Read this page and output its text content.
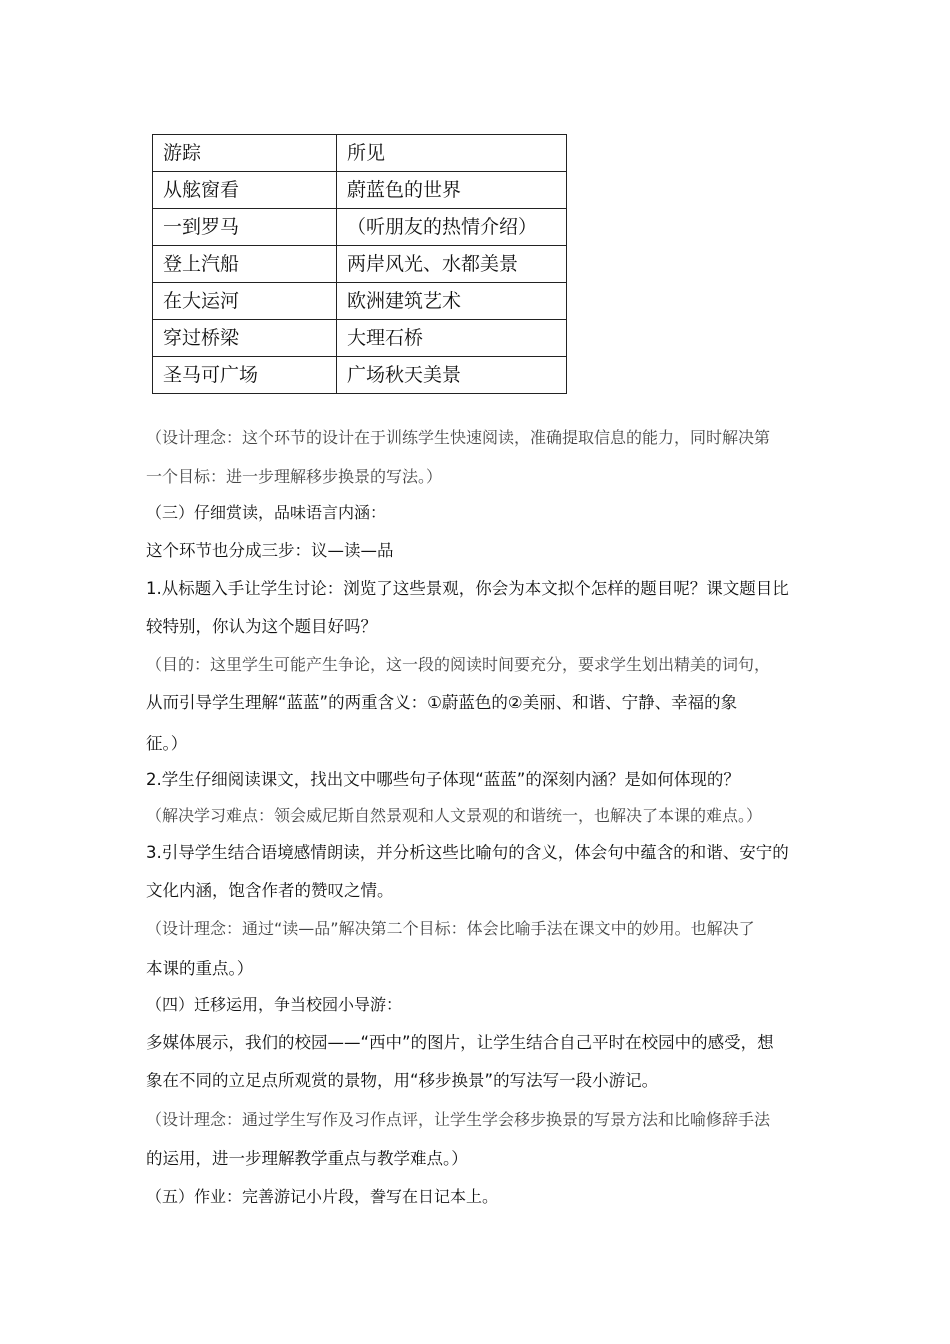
游踪	所见
从舷窗看	蔚蓝色的世界
一到罗马	（听朋友的热情介绍）
登上汽船	两岸风光、水都美景
在大运河	欧洲建筑艺术
穿过桥梁	大理石桥
圣马可广场	广场秋天美景
（设计理念：这个环节的设计在于训练学生快速阅读，准确提取信息的能力，同时解决第
一个目标：进一步理解移步换景的写法。）
（三）仔细赏读，品味语言内涵：
这个环节也分成三步：议—读—品
1.从标题入手让学生讨论：浏览了这些景观，你会为本文拟个怎样的题目呢？课文题目比
较特别，你认为这个题目好吗？
（目的：这里学生可能产生争论，这一段的阅读时间要充分，要求学生划出精美的词句，
从而引导学生理解“蓝蓝”的两重含义：①蔚蓝色的②美丽、和谐、宁静、幸福的象
征。）
2.学生仔细阅读课文，找出文中哪些句子体现“蓝蓝”的深刻内涵？是如何体现的？
（解决学习难点：领会威尼斯自然景观和人文景观的和谐统一，也解决了本课的难点。）
3.引导学生结合语境感情朗读，并分析这些比喻句的含义，体会句中蕴含的和谐、安宁的
文化内涵，饱含作者的赞叹之情。
（设计理念：通过“读—品”解决第二个目标：体会比喻手法在课文中的妙用。也解决了
本课的重点。）
（四）迁移运用，争当校园小导游：
多媒体展示，我们的校园——“西中”的图片，让学生结合自己平时在校园中的感受，想
象在不同的立足点所观赏的景物，用“移步换景”的写法写一段小游记。
（设计理念：通过学生写作及习作点评，让学生学会移步换景的写景方法和比喻修辞手法
的运用，进一步理解教学重点与教学难点。）
（五）作业：完善游记小片段，誊写在日记本上。
